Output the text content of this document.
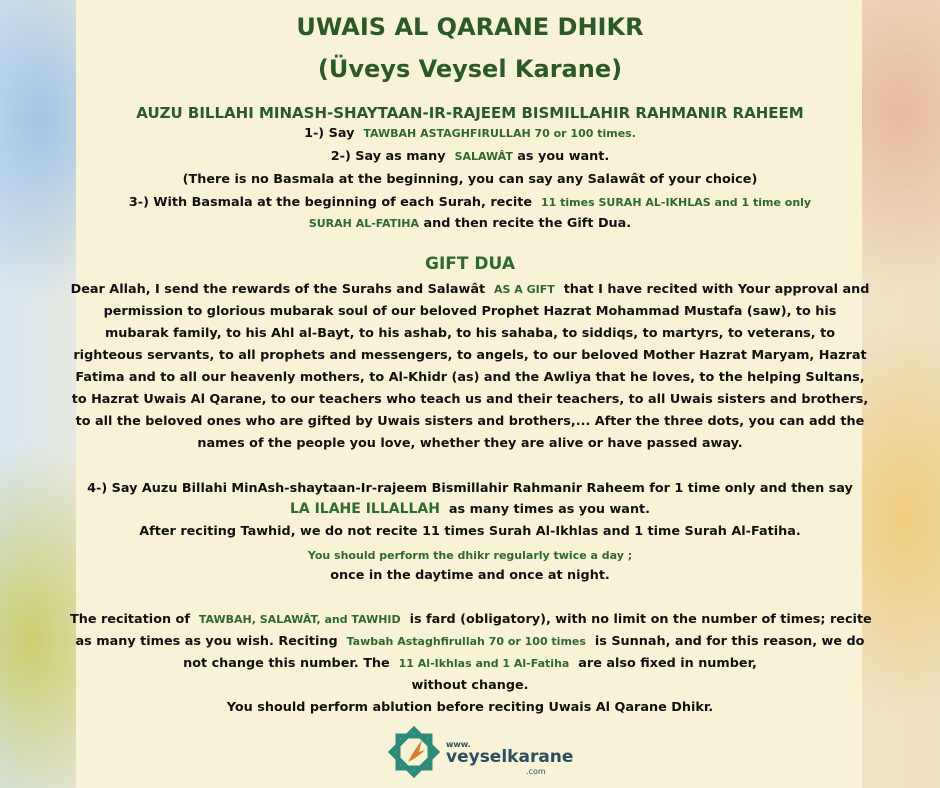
UWAIS AL QARANE DHIKR
(Üveys Veysel Karane)
AUZU BILLAHI MINASH-SHAYTAAN-IR-RAJEEM BISMILLAHIR RAHMANIR RAHEEM
1-) Say TAWBAH ASTAGHFIRULLAH 70 or 100 times.
2-) Say as many SALAWÂT as you want.
(There is no Basmala at the beginning, you can say any Salawât of your choice)
3-) With Basmala at the beginning of each Surah, recite 11 times SURAH AL-IKHLAS and 1 time only
SURAH AL-FATIHA and then recite the Gift Dua.
GIFT DUA
Dear Allah, I send the rewards of the Surahs and Salawât AS A GIFT that I have recited with Your approval and
permission to glorious mubarak soul of our beloved Prophet Hazrat Mohammad Mustafa (saw), to his
mubarak family, to his Ahl al-Bayt, to his ashab, to his sahaba, to siddiqs, to martyrs, to veterans, to
righteous servants, to all prophets and messengers, to angels, to our beloved Mother Hazrat Maryam, Hazrat
Fatima and to all our heavenly mothers, to Al-Khidr (as) and the Awliya that he loves, to the helping Sultans,
to Hazrat Uwais Al Qarane, to our teachers who teach us and their teachers, to all Uwais sisters and brothers,
to all the beloved ones who are gifted by Uwais sisters and brothers,... After the three dots, you can add the
names of the people you love, whether they are alive or have passed away.
4-) Say Auzu Billahi MinAsh-shaytaan-Ir-rajeem Bismillahir Rahmanir Raheem for 1 time only and then say
LA ILAHE ILLALLAH as many times as you want.
After reciting Tawhid, we do not recite 11 times Surah Al-Ikhlas and 1 time Surah Al-Fatiha.
You should perform the dhikr regularly twice a day ;
once in the daytime and once at night.
The recitation of TAWBAH, SALAWÂT, and TAWHID is fard (obligatory), with no limit on the number of times; recite
as many times as you wish. Reciting Tawbah Astaghfirullah 70 or 100 times is Sunnah, and for this reason, we do
not change this number. The 11 Al-Ikhlas and 1 Al-Fatiha are also fixed in number,
without change.
You should perform ablution before reciting Uwais Al Qarane Dhikr.
www.
veyselkarane
.com
